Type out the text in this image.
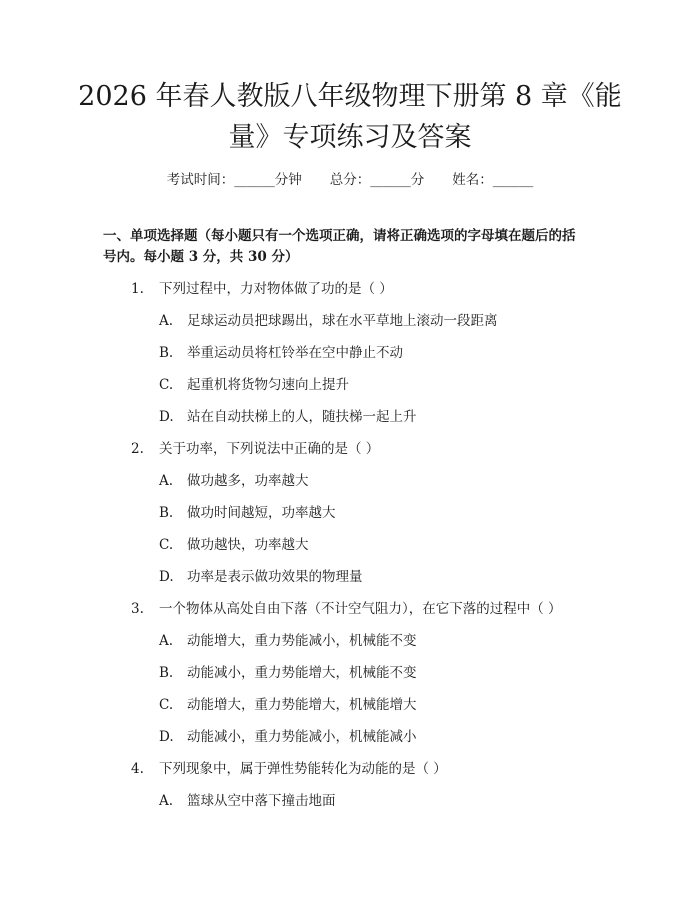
2026 年春人教版八年级物理下册第 8 章《能
量》专项练习及答案
考试时间：______分钟 总分：______分 姓名：______
一、单项选择题（每小题只有一个选项正确，请将正确选项的字母填在题后的括
号内。每小题 3 分，共 30 分）
1. 下列过程中，力对物体做了功的是（ ）
A. 足球运动员把球踢出，球在水平草地上滚动一段距离
B. 举重运动员将杠铃举在空中静止不动
C. 起重机将货物匀速向上提升
D. 站在自动扶梯上的人，随扶梯一起上升
2. 关于功率，下列说法中正确的是（ ）
A. 做功越多，功率越大
B. 做功时间越短，功率越大
C. 做功越快，功率越大
D. 功率是表示做功效果的物理量
3. 一个物体从高处自由下落（不计空气阻力），在它下落的过程中（ ）
A. 动能增大，重力势能减小，机械能不变
B. 动能减小，重力势能增大，机械能不变
C. 动能增大，重力势能增大，机械能增大
D. 动能减小，重力势能减小，机械能减小
4. 下列现象中，属于弹性势能转化为动能的是（ ）
A. 篮球从空中落下撞击地面
